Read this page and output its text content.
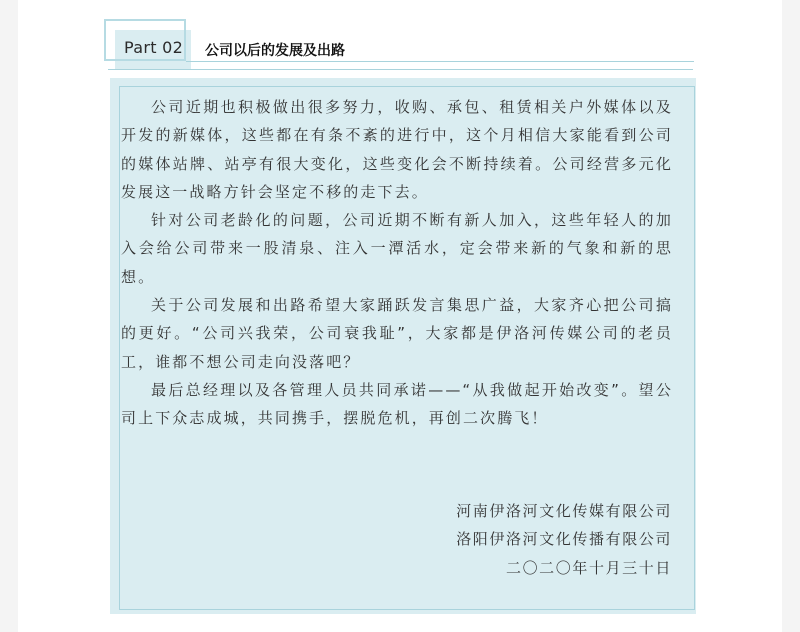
Part 02 公司以后的发展及出路

公司近期也积极做出很多努力，收购、承包、租赁相关户外媒体以及开发的新媒体，这些都在有条不紊的进行中，这个月相信大家能看到公司的媒体站牌、站亭有很大变化，这些变化会不断持续着。公司经营多元化发展这一战略方针会坚定不移的走下去。

针对公司老龄化的问题，公司近期不断有新人加入，这些年轻人的加入会给公司带来一股清泉、注入一潭活水，定会带来新的气象和新的思想。

关于公司发展和出路希望大家踊跃发言集思广益，大家齐心把公司搞的更好。“公司兴我荣，公司衰我耻”，大家都是伊洛河传媒公司的老员工，谁都不想公司走向没落吧？

最后总经理以及各管理人员共同承诺——“从我做起开始改变”。望公司上下众志成城，共同携手，摆脱危机，再创二次腾飞！

河南伊洛河文化传媒有限公司
洛阳伊洛河文化传播有限公司
二〇二〇年十月三十日
